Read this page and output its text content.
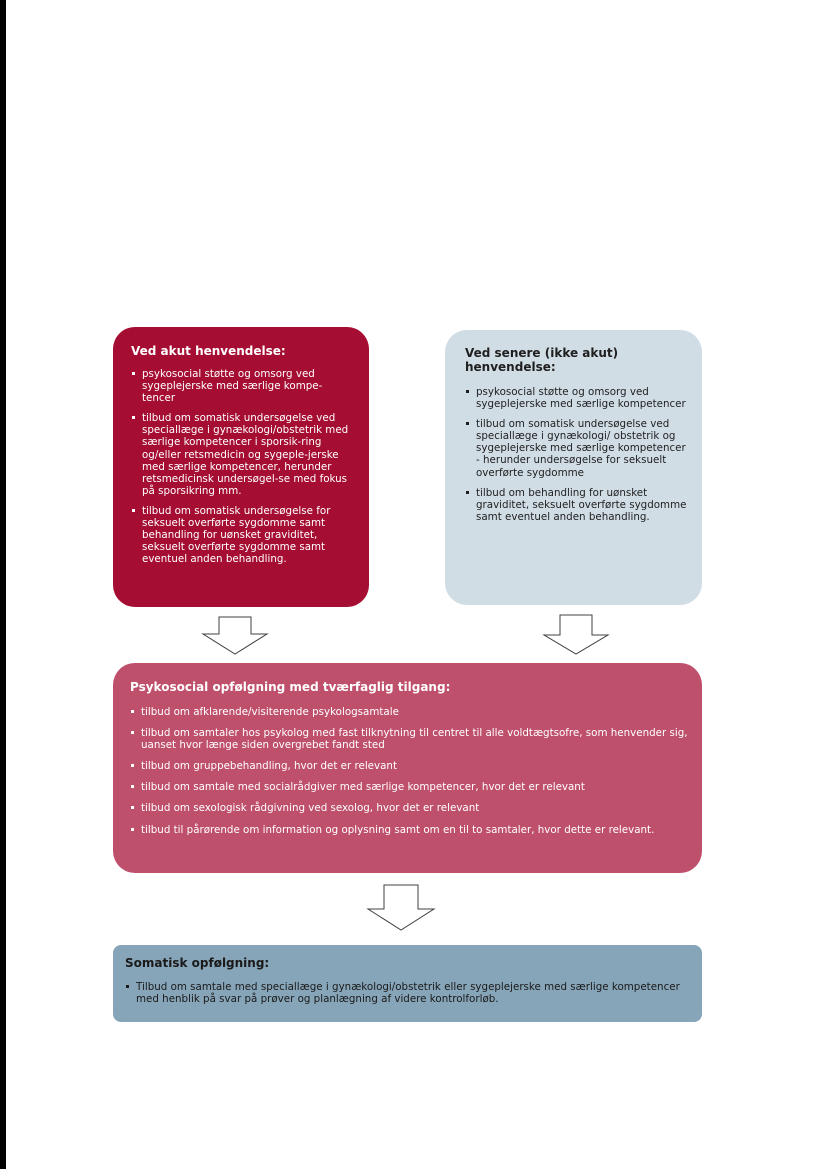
Ved akut henvendelse:
psykosocial støtte og omsorg ved sygeplejerske med særlige kompe-tencer
tilbud om somatisk undersøgelse ved speciallæge i gynækologi/obstetrik med særlige kompetencer i sporsik-ring og/eller retsmedicin og sygeple-jerske med særlige kompetencer, herunder retsmedicinsk undersøgel-se med fokus på sporsikring mm.
tilbud om somatisk undersøgelse for seksuelt overførte sygdomme samt behandling for uønsket graviditet, seksuelt overførte sygdomme samt eventuel anden behandling.
Ved senere (ikke akut) henvendelse:
psykosocial støtte og omsorg ved sygeplejerske med særlige kompetencer
tilbud om somatisk undersøgelse ved speciallæge i gynækologi/ obstetrik og sygeplejerske med særlige kompetencer - herunder undersøgelse for seksuelt overførte sygdomme
tilbud om behandling for uønsket graviditet, seksuelt overførte sygdomme samt eventuel anden behandling.
Psykosocial opfølgning med tværfaglig tilgang:
tilbud om afklarende/visiterende psykologsamtale
tilbud om samtaler hos psykolog med fast tilknytning til centret til alle voldtægtsofre, som henvender sig, uanset hvor længe siden overgrebet fandt sted
tilbud om gruppebehandling, hvor det er relevant
tilbud om samtale med socialrådgiver med særlige kompetencer, hvor det er relevant
tilbud om sexologisk rådgivning ved sexolog, hvor det er relevant
tilbud til pårørende om information og oplysning samt om en til to samtaler, hvor dette er relevant.
Somatisk opfølgning:
Tilbud om samtale med speciallæge i gynækologi/obstetrik eller sygeplejerske med særlige kompetencer med henblik på svar på prøver og planlægning af videre kontrolforløb.
